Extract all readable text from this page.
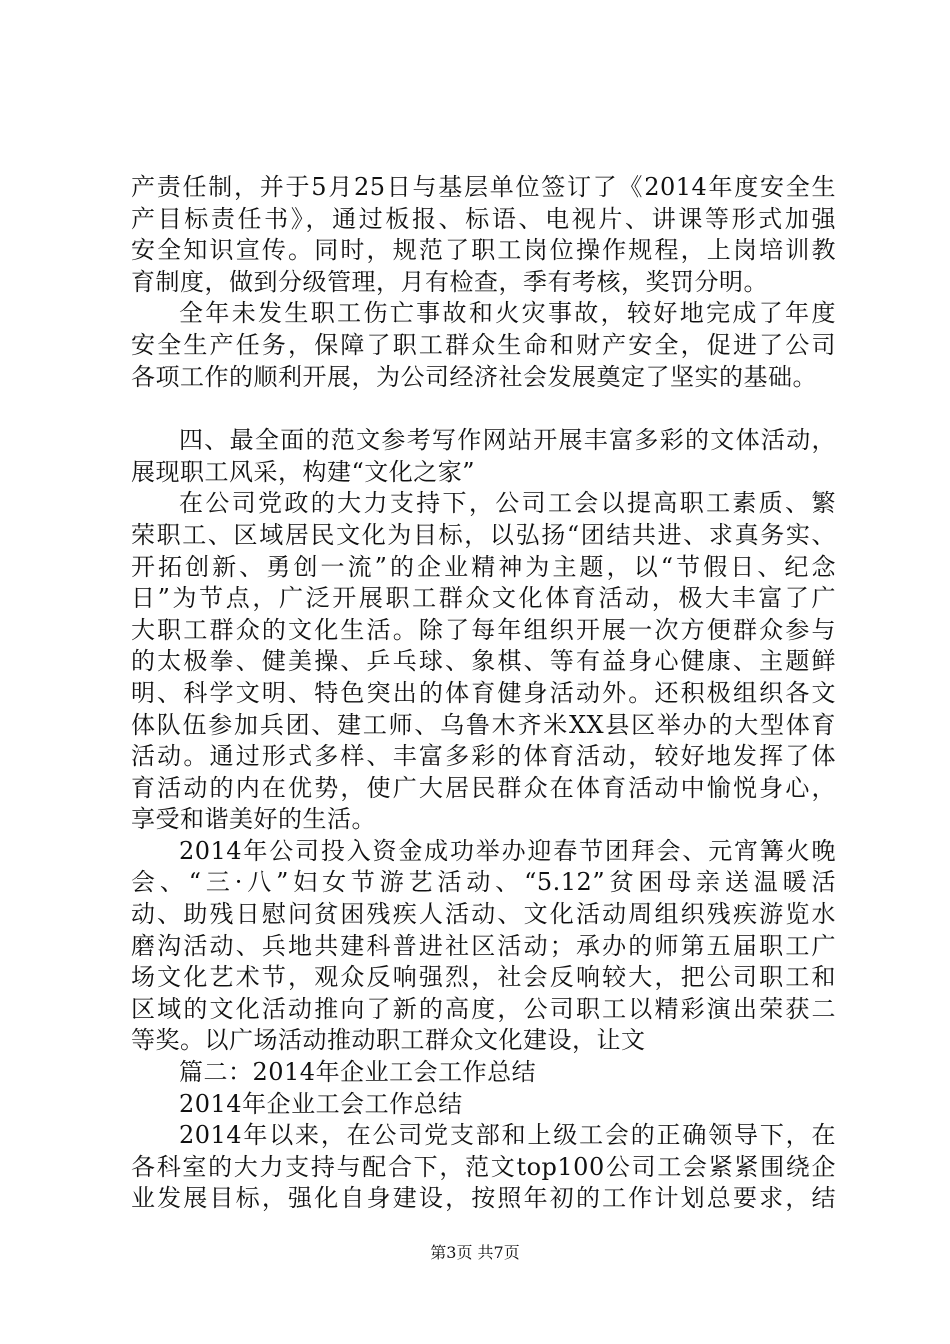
产责任制，并于5月25日与基层单位签订了《2014年度安全生
产目标责任书》，通过板报、标语、电视片、讲课等形式加强
安全知识宣传。同时，规范了职工岗位操作规程，上岗培训教
育制度，做到分级管理，月有检查，季有考核，奖罚分明。
全年未发生职工伤亡事故和火灾事故，较好地完成了年度
安全生产任务，保障了职工群众生命和财产安全，促进了公司
各项工作的顺利开展，为公司经济社会发展奠定了坚实的基础。
四、最全面的范文参考写作网站开展丰富多彩的文体活动，
展现职工风采，构建“文化之家”
在公司党政的大力支持下，公司工会以提高职工素质、繁
荣职工、区域居民文化为目标，以弘扬“团结共进、求真务实、
开拓创新、勇创一流”的企业精神为主题，以“节假日、纪念
日”为节点，广泛开展职工群众文化体育活动，极大丰富了广
大职工群众的文化生活。除了每年组织开展一次方便群众参与
的太极拳、健美操、乒乓球、象棋、等有益身心健康、主题鲜
明、科学文明、特色突出的体育健身活动外。还积极组织各文
体队伍参加兵团、建工师、乌鲁木齐米XX县区举办的大型体育
活动。通过形式多样、丰富多彩的体育活动，较好地发挥了体
育活动的内在优势，使广大居民群众在体育活动中愉悦身心，
享受和谐美好的生活。
2014年公司投入资金成功举办迎春节团拜会、元宵篝火晚
会、“三·八”妇女节游艺活动、“5.12”贫困母亲送温暖活
动、助残日慰问贫困残疾人活动、文化活动周组织残疾游览水
磨沟活动、兵地共建科普进社区活动；承办的师第五届职工广
场文化艺术节，观众反响强烈，社会反响较大，把公司职工和
区域的文化活动推向了新的高度，公司职工以精彩演出荣获二
等奖。以广场活动推动职工群众文化建设，让文
篇二：2014年企业工会工作总结
2014年企业工会工作总结
2014年以来，在公司党支部和上级工会的正确领导下，在
各科室的大力支持与配合下，范文top100公司工会紧紧围绕企
业发展目标，强化自身建设，按照年初的工作计划总要求，结
第3页 共7页
